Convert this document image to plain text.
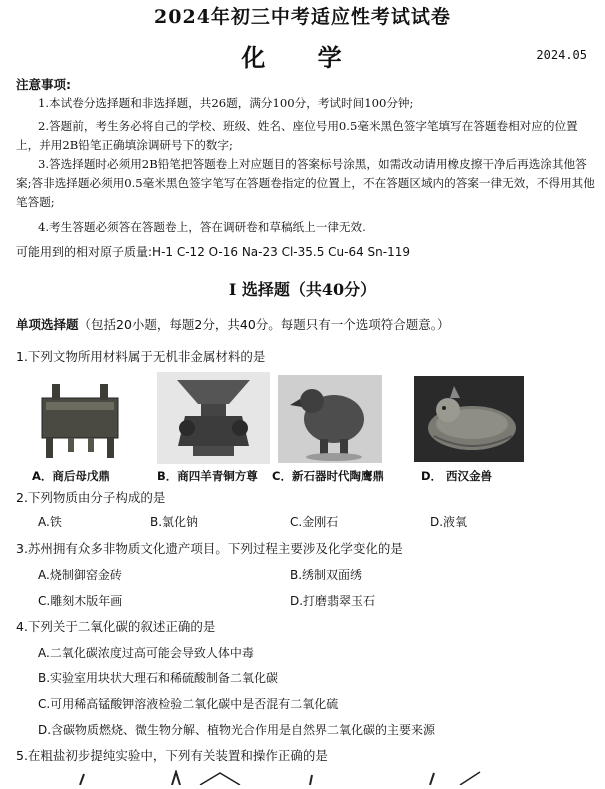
2024年初三中考适应性考试试卷
化 学	2024.05
注意事项:
1.本试卷分选择题和非选择题，共26题，满分100分，考试时间100分钟;
2.答题前，考生务必将自己的学校、班级、姓名、座位号用0.5毫米黑色签字笔填写在答题卷相对应的位置上，并用2B铅笔正确填涂调研号下的数字;
3.答选择题时必须用2B铅笔把答题卷上对应题目的答案标号涂黑，如需改动请用橡皮擦干净后再选涂其他答案;答非选择题必须用0.5毫米黑色签字笔写在答题卷指定的位置上，不在答题区域内的答案一律无效，不得用其他笔答题;
4.考生答题必须答在答题卷上，答在调研卷和草稿纸上一律无效.
可能用到的相对原子质量:H-1 C-12 O-16 Na-23 Cl-35.5 Cu-64 Sn-119
Ⅰ 选择题（共40分）
单项选择题（包括20小题，每题2分，共40分。每题只有一个选项符合题意。）
1.下列文物所用材料属于无机非金属材料的是
A．商后母戊鼎	B．商四羊青铜方尊 C．新石器时代陶鹰鼎	D． 西汉金兽
2.下列物质由分子构成的是
A.铁	B.氯化钠	C.金刚石	D.液氧
3.苏州拥有众多非物质文化遗产项目。下列过程主要涉及化学变化的是
A.烧制御窑金砖	B.绣制双面绣
C.雕刻木版年画	D.打磨翡翠玉石
4.下列关于二氧化碳的叙述正确的是
A.二氧化碳浓度过高可能会导致人体中毒
B.实验室用块状大理石和稀硫酸制备二氧化碳
C.可用稀高锰酸钾溶液检验二氧化碳中是否混有二氧化硫
D.含碳物质燃烧、微生物分解、植物光合作用是自然界二氧化碳的主要来源
5.在粗盐初步提纯实验中，下列有关装置和操作正确的是
